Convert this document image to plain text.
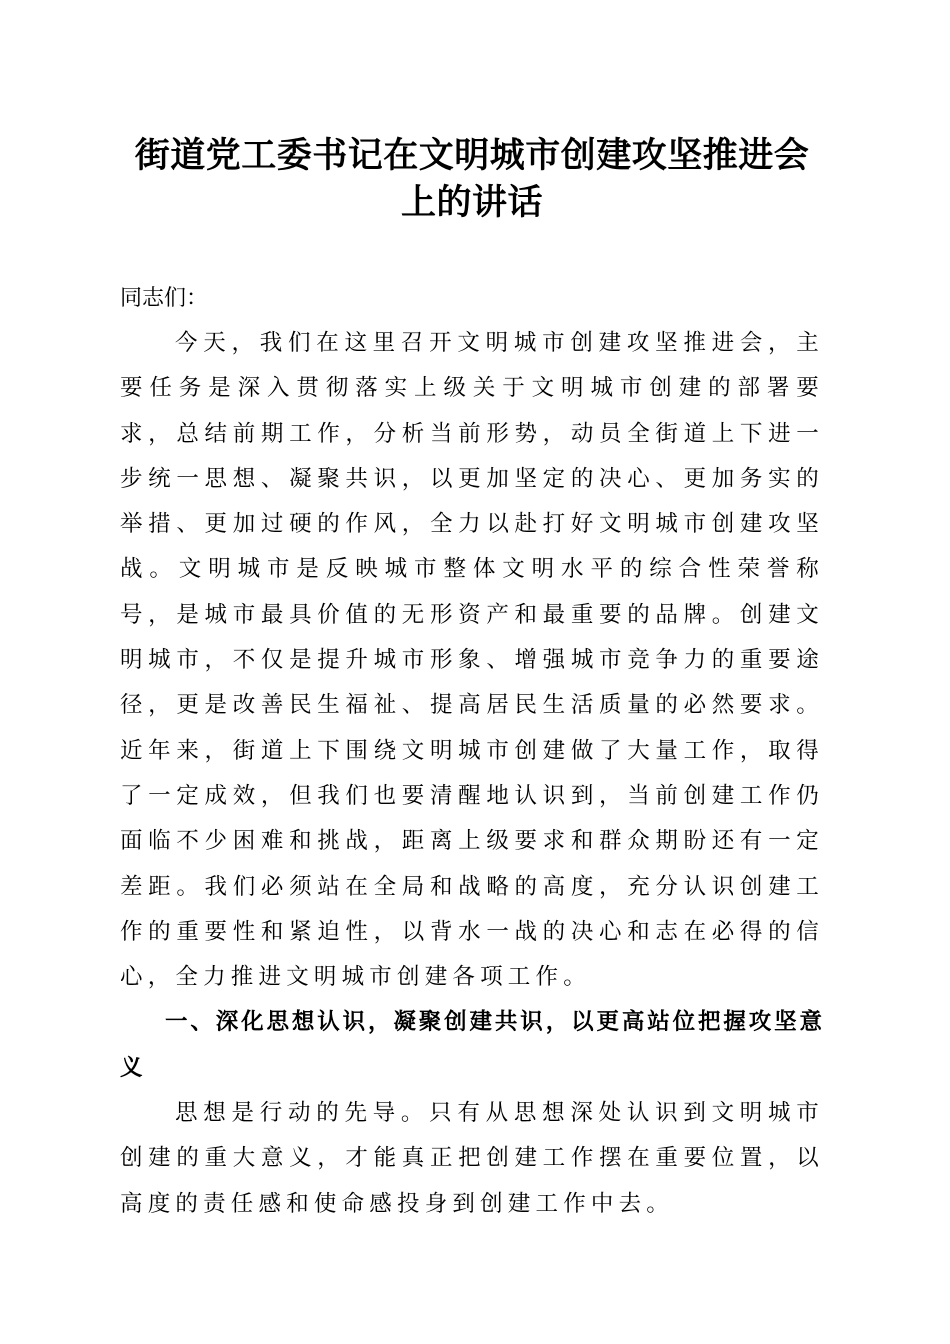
街道党工委书记在文明城市创建攻坚推进会上的讲话

同志们：

今天，我们在这里召开文明城市创建攻坚推进会，主要任务是深入贯彻落实上级关于文明城市创建的部署要求，总结前期工作，分析当前形势，动员全街道上下进一步统一思想、凝聚共识，以更加坚定的决心、更加务实的举措、更加过硬的作风，全力以赴打好文明城市创建攻坚战。文明城市是反映城市整体文明水平的综合性荣誉称号，是城市最具价值的无形资产和最重要的品牌。创建文明城市，不仅是提升城市形象、增强城市竞争力的重要途径，更是改善民生福祉、提高居民生活质量的必然要求。近年来，街道上下围绕文明城市创建做了大量工作，取得了一定成效，但我们也要清醒地认识到，当前创建工作仍面临不少困难和挑战，距离上级要求和群众期盼还有一定差距。我们必须站在全局和战略的高度，充分认识创建工作的重要性和紧迫性，以背水一战的决心和志在必得的信心，全力推进文明城市创建各项工作。

一、深化思想认识，凝聚创建共识，以更高站位把握攻坚意义

思想是行动的先导。只有从思想深处认识到文明城市创建的重大意义，才能真正把创建工作摆在重要位置，以高度的责任感和使命感投身到创建工作中去。
